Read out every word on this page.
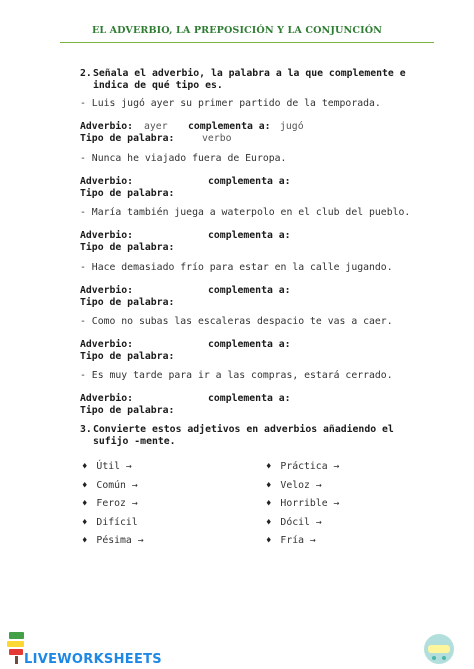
EL ADVERBIO, LA PREPOSICIÓN Y LA CONJUNCIÓN
2. Señala el adverbio, la palabra a la que complemente e
indica de qué tipo es.
- Luis jugó ayer su primer partido de la temporada.
Adverbio: ayer complementa a: jugó
Tipo de palabra:	verbo
- Nunca he viajado fuera de Europa.
Adverbio:	complementa a:
Tipo de palabra:
- María también juega a waterpolo en el club del pueblo.
Adverbio:	complementa a:
Tipo de palabra:
- Hace demasiado frío para estar en la calle jugando.
Adverbio:	complementa a:
Tipo de palabra:
- Como no subas las escaleras despacio te vas a caer.
Adverbio:	complementa a:
Tipo de palabra:
- Es muy tarde para ir a las compras, estará cerrado.
Adverbio:	complementa a:
Tipo de palabra:
3. Convierte estos adjetivos en adverbios añadiendo el
sufijo -mente.
♦ Útil →
♦ Común →
♦ Feroz →
♦ Difícil
♦ Pésima →
♦ Práctica →
♦ Veloz →
♦ Horrible →
♦ Dócil →
♦ Fría →
LIVEWORKSHEETS
